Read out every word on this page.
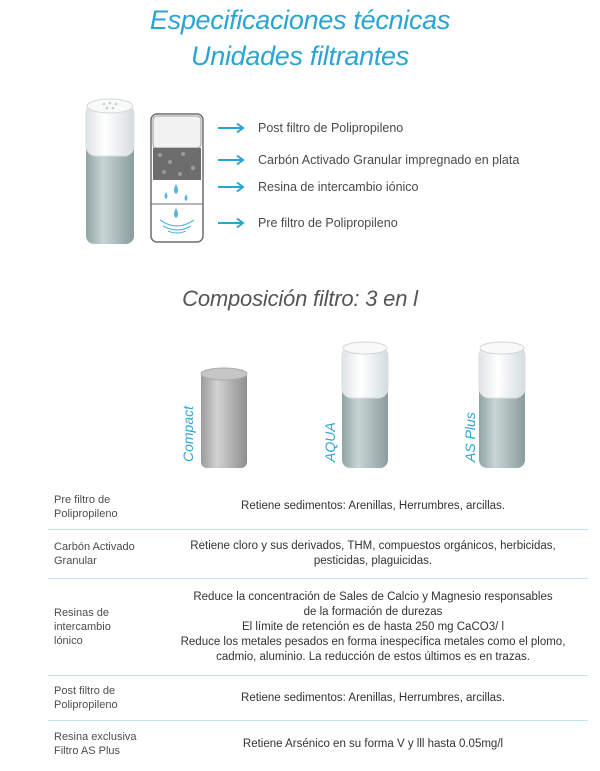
Especificaciones técnicas
Unidades filtrantes
Post filtro de Polipropileno
Carbón Activado Granular impregnado en plata
Resina de intercambio iónico
Pre filtro de Polipropileno
Composición filtro: 3 en l
Compact	AQUA	AS Plus
Pre filtro de
Polipropileno
Retiene sedimentos: Arenillas, Herrumbres, arcillas.
Carbón Activado
Granular
Retiene cloro y sus derivados, THM, compuestos orgánicos, herbicidas,
pesticidas, plaguicidas.
Resinas de
intercambio
lónico
Reduce la concentración de Sales de Calcio y Magnesio responsables
de la formación de durezas
El límite de retención es de hasta 250 mg CaCO3/ l
Reduce los metales pesados en forma inespecífica metales como el plomo,
cadmio, aluminio. La reducción de estos últimos es en trazas.
Post filtro de
Polipropileno
Retiene sedimentos: Arenillas, Herrumbres, arcillas.
Resina exclusiva
Filtro AS Plus
Retiene Arsénico en su forma V y lll hasta 0.05mg/l
